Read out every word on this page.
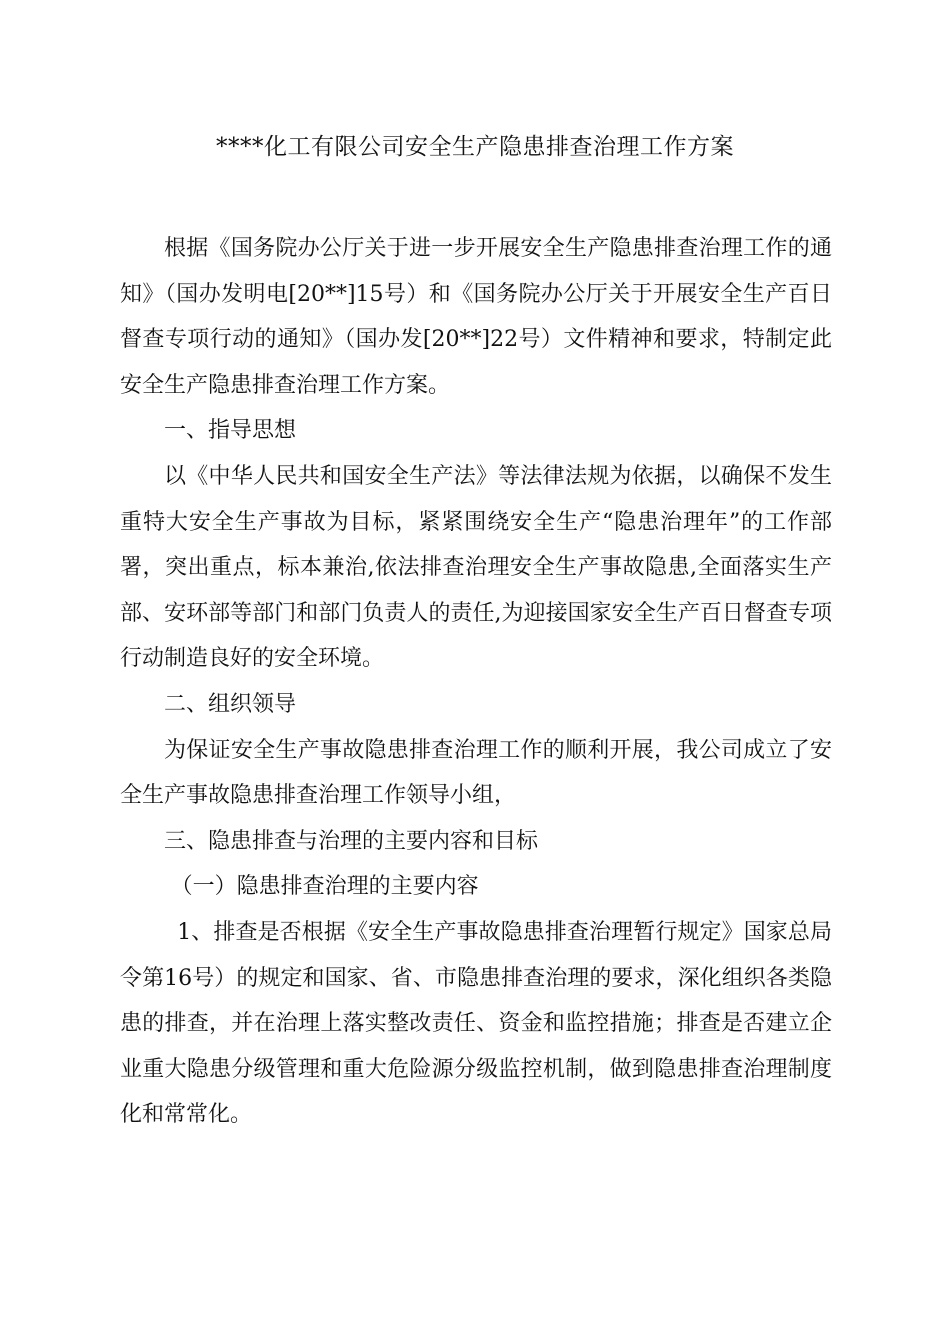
****化工有限公司安全生产隐患排查治理工作方案

根据《国务院办公厅关于进一步开展安全生产隐患排查治理工作的通知》（国办发明电[20**]15号）和《国务院办公厅关于开展安全生产百日督查专项行动的通知》（国办发[20**]22号）文件精神和要求，特制定此安全生产隐患排查治理工作方案。

一、指导思想

以《中华人民共和国安全生产法》等法律法规为依据，以确保不发生重特大安全生产事故为目标，紧紧围绕安全生产“隐患治理年”的工作部署，突出重点，标本兼治,依法排查治理安全生产事故隐患,全面落实生产部、安环部等部门和部门负责人的责任,为迎接国家安全生产百日督查专项行动制造良好的安全环境。

二、组织领导

为保证安全生产事故隐患排查治理工作的顺利开展，我公司成立了安全生产事故隐患排查治理工作领导小组，

三、隐患排查与治理的主要内容和目标

（一）隐患排查治理的主要内容

1、排查是否根据《安全生产事故隐患排查治理暂行规定》国家总局令第16号）的规定和国家、省、市隐患排查治理的要求，深化组织各类隐患的排查，并在治理上落实整改责任、资金和监控措施；排查是否建立企业重大隐患分级管理和重大危险源分级监控机制，做到隐患排查治理制度化和常常化。
